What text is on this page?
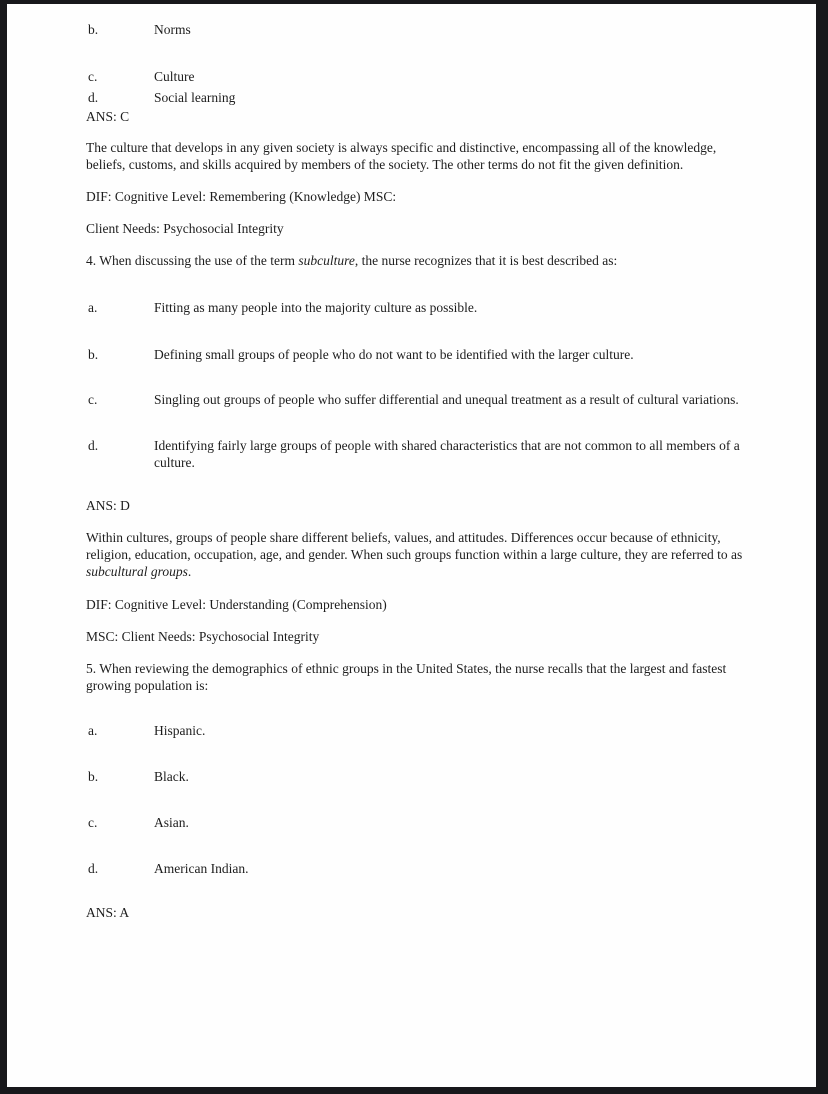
b.	Norms
c.	Culture
d.	Social learning

ANS: C

The culture that develops in any given society is always specific and distinctive, encompassing all of the knowledge, beliefs, customs, and skills acquired by members of the society. The other terms do not fit the given definition.

DIF: Cognitive Level: Remembering (Knowledge) MSC:

Client Needs: Psychosocial Integrity

4. When discussing the use of the term subculture, the nurse recognizes that it is best described as:

a.	Fitting as many people into the majority culture as possible.
b.	Defining small groups of people who do not want to be identified with the larger culture.
c.	Singling out groups of people who suffer differential and unequal treatment as a result of cultural variations.
d.	Identifying fairly large groups of people with shared characteristics that are not common to all members of a culture.

ANS: D

Within cultures, groups of people share different beliefs, values, and attitudes. Differences occur because of ethnicity, religion, education, occupation, age, and gender. When such groups function within a large culture, they are referred to as subcultural groups.

DIF: Cognitive Level: Understanding (Comprehension)

MSC: Client Needs: Psychosocial Integrity

5. When reviewing the demographics of ethnic groups in the United States, the nurse recalls that the largest and fastest growing population is:

a.	Hispanic.
b.	Black.
c.	Asian.
d.	American Indian.

ANS: A
